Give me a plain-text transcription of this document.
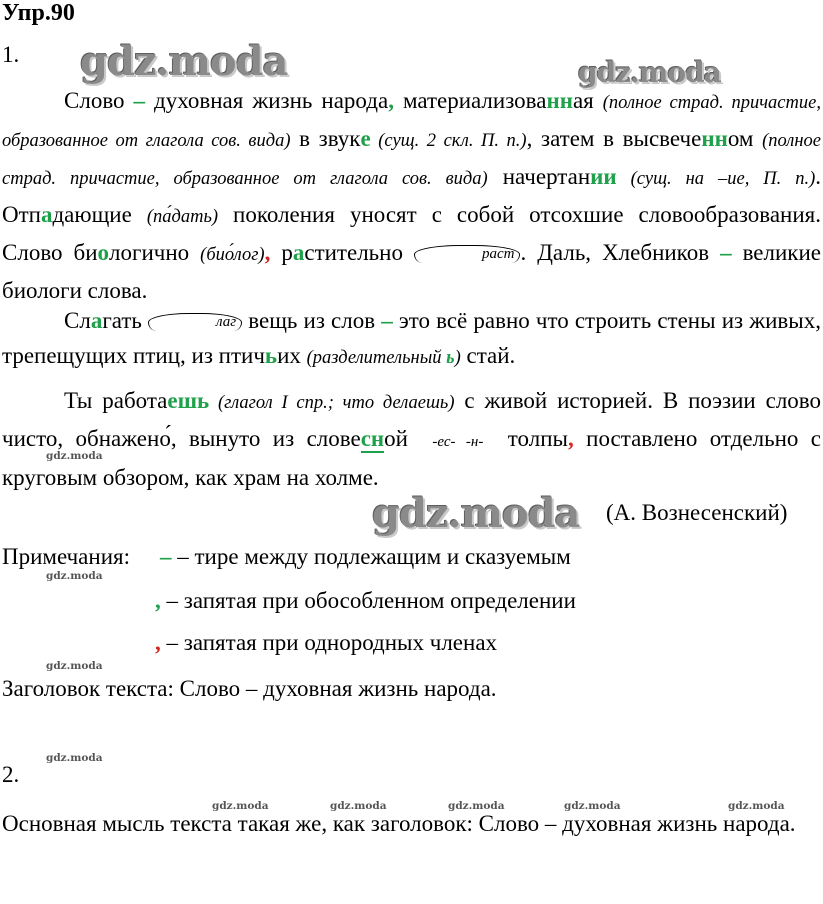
Упр.90
1. gdz.moda	gdz.moda
Слово – духовная жизнь народа, материализованная (полное страд. причастие, образованное от глагола сов. вида) в звуке (сущ. 2 скл. П. п.), затем в высвеченном (полное страд. причастие, образованное от глагола сов. вида) начертании (сущ. на –ие, П. п.). Отпадающие (па́дать) поколения уносят с собой отсохшие словообразования. Слово биологично (био́лог), растительно	раст . Даль, Хлебников – великие биологи слова.
Слагать	лаг вещь из слов – это всё равно что строить стены из живых, трепещущих птиц, из птичьих (разделительный ь) стай.
Ты работаешь (глагол I спр.; что делаешь) с живой историей. В поэзии слово чисто, обнажено́, вынуто из словесной -ес- -н- толпы, поставлено отдельно с круговым обзором, как храм на холме.
gdz.moda
gdz.moda (А. Вознесенский)
Примечания: – – тире между подлежащим и сказуемым
gdz.moda
, – запятая при обособленном определении
, – запятая при однородных членах
gdz.moda
Заголовок текста: Слово – духовная жизнь народа.
gdz.moda
2.
gdz.moda	gdz.moda	gdz.moda	gdz.moda	gdz.moda
Основная мысль текста такая же, как заголовок: Слово – духовная жизнь народа.
